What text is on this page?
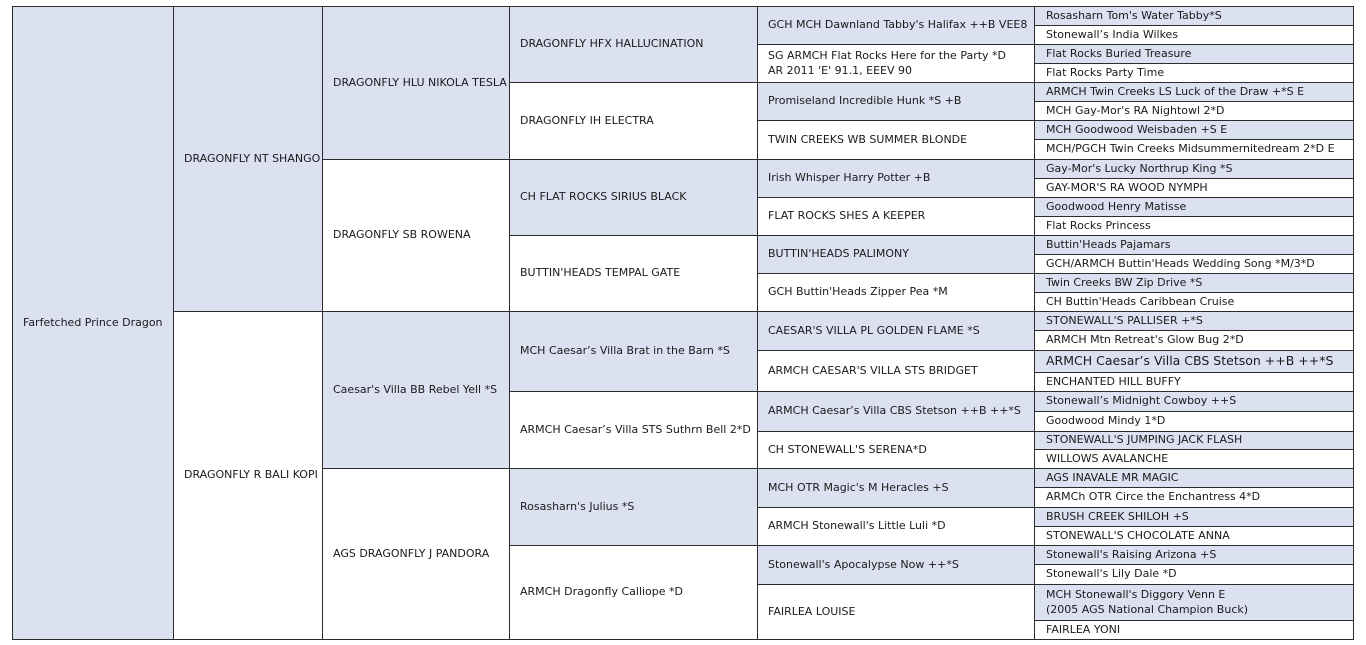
Farfetched Prince Dragon
DRAGONFLY NT SHANGO
DRAGONFLY R BALI KOPI
DRAGONFLY HLU NIKOLA TESLA
DRAGONFLY SB ROWENA
Caesar's Villa BB Rebel Yell *S
AGS DRAGONFLY J PANDORA
DRAGONFLY HFX HALLUCINATION
DRAGONFLY IH ELECTRA
CH FLAT ROCKS SIRIUS BLACK
BUTTIN'HEADS TEMPAL GATE
MCH Caesar’s Villa Brat in the Barn *S
ARMCH Caesar’s Villa STS Suthrn Bell 2*D
Rosasharn's Julius *S
ARMCH Dragonfly Calliope *D
GCH MCH Dawnland Tabby's Halifax ++B VEE8
SG ARMCH Flat Rocks Here for the Party *D
AR 2011 'E' 91.1, EEEV 90
Promiseland Incredible Hunk *S +B
TWIN CREEKS WB SUMMER BLONDE
Irish Whisper Harry Potter +B
FLAT ROCKS SHES A KEEPER
BUTTIN'HEADS PALIMONY
GCH Buttin'Heads Zipper Pea *M
CAESAR'S VILLA PL GOLDEN FLAME *S
ARMCH CAESAR'S VILLA STS BRIDGET
ARMCH Caesar’s Villa CBS Stetson ++B ++*S
CH STONEWALL'S SERENA*D
MCH OTR Magic's M Heracles +S
ARMCH Stonewall's Little Luli *D
Stonewall's Apocalypse Now ++*S
FAIRLEA LOUISE
Rosasharn Tom's Water Tabby*S
Stonewall’s India Wilkes
Flat Rocks Buried Treasure
Flat Rocks Party Time
ARMCH Twin Creeks LS Luck of the Draw +*S E
MCH Gay-Mor's RA Nightowl 2*D
MCH Goodwood Weisbaden +S E
MCH/PGCH Twin Creeks Midsummernitedream 2*D E
Gay-Mor's Lucky Northrup King *S
GAY-MOR'S RA WOOD NYMPH
Goodwood Henry Matisse
Flat Rocks Princess
Buttin'Heads Pajamars
GCH/ARMCH Buttin'Heads Wedding Song *M/3*D
Twin Creeks BW Zip Drive *S
CH Buttin'Heads Caribbean Cruise
STONEWALL'S PALLISER +*S
ARMCH Mtn Retreat's Glow Bug 2*D
ARMCH Caesar’s Villa CBS Stetson ++B ++*S
ENCHANTED HILL BUFFY
Stonewall’s Midnight Cowboy ++S
Goodwood Mindy 1*D
STONEWALL'S JUMPING JACK FLASH
WILLOWS AVALANCHE
AGS INAVALE MR MAGIC
ARMCh OTR Circe the Enchantress 4*D
BRUSH CREEK SHILOH +S
STONEWALL'S CHOCOLATE ANNA
Stonewall's Raising Arizona +S
Stonewall's Lily Dale *D
MCH Stonewall's Diggory Venn E
(2005 AGS National Champion Buck)
FAIRLEA YONI
